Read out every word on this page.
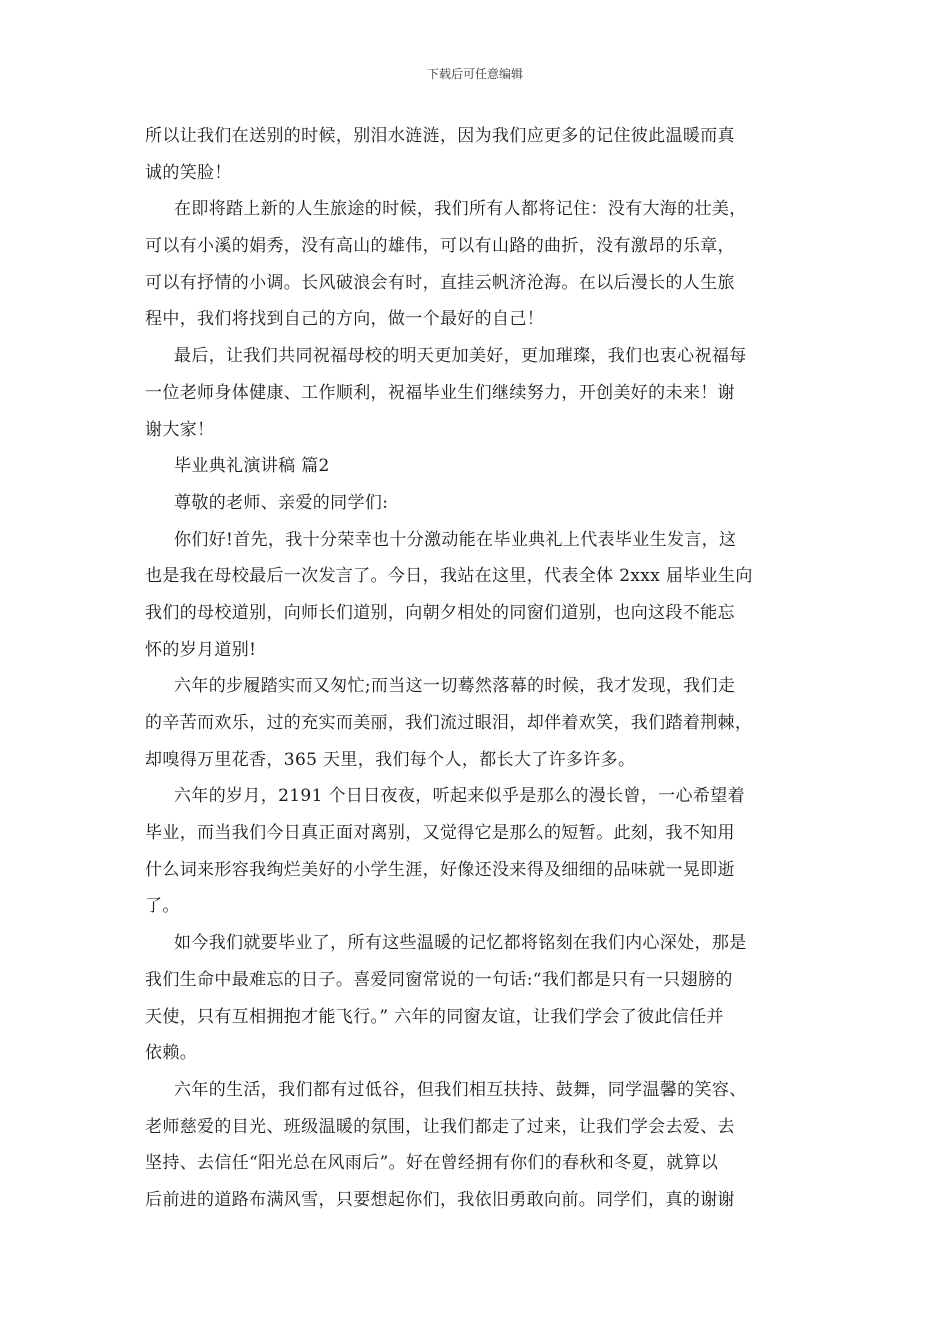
下载后可任意编辑
所以让我们在送别的时候，别泪水涟涟，因为我们应更多的记住彼此温暖而真
诚的笑脸！
在即将踏上新的人生旅途的时候，我们所有人都将记住：没有大海的壮美，
可以有小溪的娟秀，没有高山的雄伟，可以有山路的曲折，没有激昂的乐章，
可以有抒情的小调。长风破浪会有时，直挂云帆济沧海。在以后漫长的人生旅
程中，我们将找到自己的方向，做一个最好的自己！
最后，让我们共同祝福母校的明天更加美好，更加璀璨，我们也衷心祝福每
一位老师身体健康、工作顺利，祝福毕业生们继续努力，开创美好的未来！谢
谢大家！
毕业典礼演讲稿 篇2
尊敬的老师、亲爱的同学们:
你们好!首先，我十分荣幸也十分激动能在毕业典礼上代表毕业生发言，这
也是我在母校最后一次发言了。今日，我站在这里，代表全体 2xxx 届毕业生向
我们的母校道别，向师长们道别，向朝夕相处的同窗们道别，也向这段不能忘
怀的岁月道别!
六年的步履踏实而又匆忙;而当这一切蓦然落幕的时候，我才发现，我们走
的辛苦而欢乐，过的充实而美丽，我们流过眼泪，却伴着欢笑，我们踏着荆棘，
却嗅得万里花香，365 天里，我们每个人，都长大了许多许多。
六年的岁月，2191 个日日夜夜，听起来似乎是那么的漫长曾，一心希望着
毕业，而当我们今日真正面对离别，又觉得它是那么的短暂。此刻，我不知用
什么词来形容我绚烂美好的小学生涯，好像还没来得及细细的品味就一晃即逝
了。
如今我们就要毕业了，所有这些温暖的记忆都将铭刻在我们内心深处，那是
我们生命中最难忘的日子。喜爱同窗常说的一句话:“我们都是只有一只翅膀的
天使，只有互相拥抱才能飞行。” 六年的同窗友谊，让我们学会了彼此信任并
依赖。
六年的生活，我们都有过低谷，但我们相互扶持、鼓舞，同学温馨的笑容、
老师慈爱的目光、班级温暖的氛围，让我们都走了过来，让我们学会去爱、去
坚持、去信任“阳光总在风雨后”。好在曾经拥有你们的春秋和冬夏，就算以
后前进的道路布满风雪，只要想起你们，我依旧勇敢向前。同学们，真的谢谢
